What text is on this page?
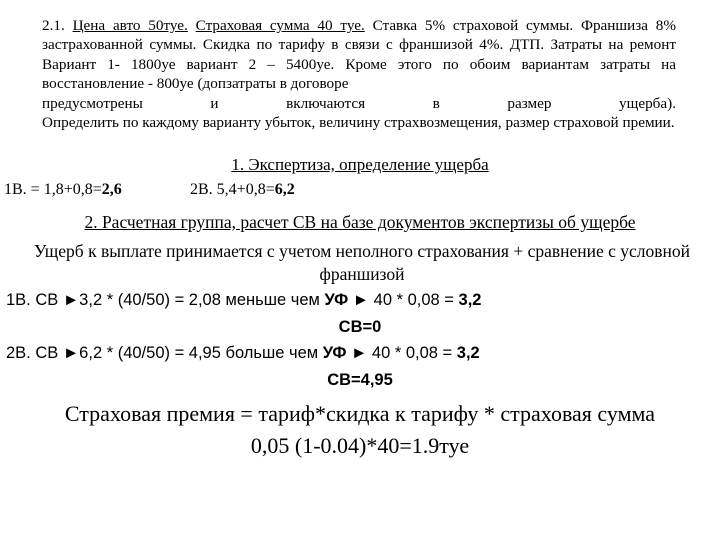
2.1. Цена авто 50туе. Страховая сумма 40 туе. Ставка 5% страховой суммы. Франшиза 8% застрахованной суммы. Скидка по тарифу в связи с франшизой 4%. ДТП. Затраты на ремонт Вариант 1- 1800уе вариант 2 – 5400уе. Кроме этого по обоим вариантам затраты на восстановление - 800уе (допзатраты в договоре
предусмотрены и включаются в размер ущерба).
Определить по каждому варианту убыток, величину страхвозмещения, размер страховой премии.
1. Экспертиза, определение ущерба
1В. = 1,8+0,8=2,6	2В. 5,4+0,8=6,2
2. Расчетная группа, расчет СВ на базе документов экспертизы об ущербе
Ущерб к выплате принимается с учетом неполного страхования + сравнение с условной франшизой
1В. СВ ►3,2 * (40/50) = 2,08 меньше чем УФ ► 40 * 0,08 = 3,2
СВ=0
2В. СВ ►6,2 * (40/50) = 4,95 больше чем УФ ► 40 * 0,08 = 3,2
СВ=4,95
Страховая премия = тариф*скидка к тарифу * страховая сумма
0,05 (1-0.04)*40=1.9туе
